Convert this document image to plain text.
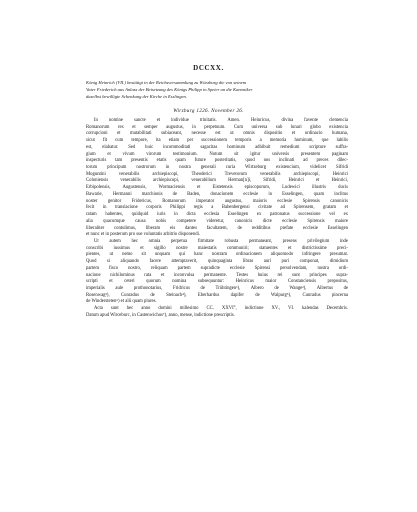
DCCXX.
König Heinrich (VII.) bestätigt in der Reichsversammlung zu Würzburg die von seinem
Vater Friederich aus Anlass der Beisetzung des Königs Philipp in Speier an die Kanoniker
daselbst bewilligte Schenkung der Kirche in Esslingen.
Wirzburg 1226. November 26.
In nomine sancte et individue trinitatis. Amen. Heinricus, divina favente clemencia
Romanorum rex et semper augustus, in perpetuum. Cum universa sub lunari globo existencia
corrupcioni et mutabilitati subiaceant, necesse est ut omnis dispositio et ordinacio humana,
sicut fit cum tempore, ita etiam per successionem temporis a memoria hominum, que labilis
est, elabatur. Sed huic incommoditati sagacitas hominum adhibuit remedium scripture suffra-
gium et vivum virorum testimonium. Notum sit igitur universis presentem paginam
inspecturis tam presentis etatis quam future posteritatis, quod nos inclinati ad preces dilec-
torum principum nostrorum in nostra generali curia Wirtzeburg existencium, videlicet Sifridi
Moguntini venerabilis archiepiscopi, Theoderici Treverorum venerabilis archiepiscopi, Heinrici
Coloniensis venerabilis archiepiscopi, venerabilium Herman[n]i, Sifridi, Heinrici et Heinrici,
Erbipolensis, Augustensis, Wormaciensis et Eistetensis episcoporum, Ludewici illustris ducis
Bawarie, Hermanni marchionis de Baden, donacionem ecclesie in Esselingen, quam inclitus
noster genitor Fridericus, Romanorum imperator augustus, maioris ecclesie Spirensis canonicis
fecit in translacione corporis Philippi regis a Babenbergensi civitate ad Spirensem, gratam et
ratam habentes, quidquid iuris in dicta ecclesia Esselingen ex patronatus successione vel ex
alia quacumque causa nobis competere videretur, canonicis dicte ecclesie Spirensis maiore
liberaliter contulimus, liberam eis dantes facultatem, de redditibus prefate ecclesie Esselingen
et nunc et in posterum pro sue voluntatis arbitrio disponendi.
Ut autem hec omnia perpetua firmitate robusta permaneant, presens privilegium inde
conscribi iussimus et sigillo nostre maiestatis communiri; statuentes et districtissime preci-
pientes, ut nemo sit unquam qui hanc nostram ordinacionem aliquomodo infringere presumat.
Quod si aliquando facere attemptaverit, quinquaginta libras auri puri componat, dimidium
partem fisco nostro, reliquam partem supradicte ecclesie Spirensi persolvendam, nostra ordi-
nacione nichilominus rata et inconvulsa permanente. Testes huius rei sunt principes supra-
scripti et ceteri quorum nomina subsequuntur: Heinricus maior Constanciensis prepositus,
imperialis aule prothonotarius, Fridricus de Trühtingen¹), Albero de Wange²), Albertus de
Rosenwag³), Cunradus de Steinach⁴), Eberhardus dapifer de Walpurg⁵), Cunradus pincerna
de Windersteten⁶) et alii quam plures.
Acta sunt hec anno domini millesimo CC. XXVI°, indictione XV., VI. kalendas Decembris.
Datum apud Wirceburc, in Castenwichus⁷), anno, mense, indictione prescriptis.
